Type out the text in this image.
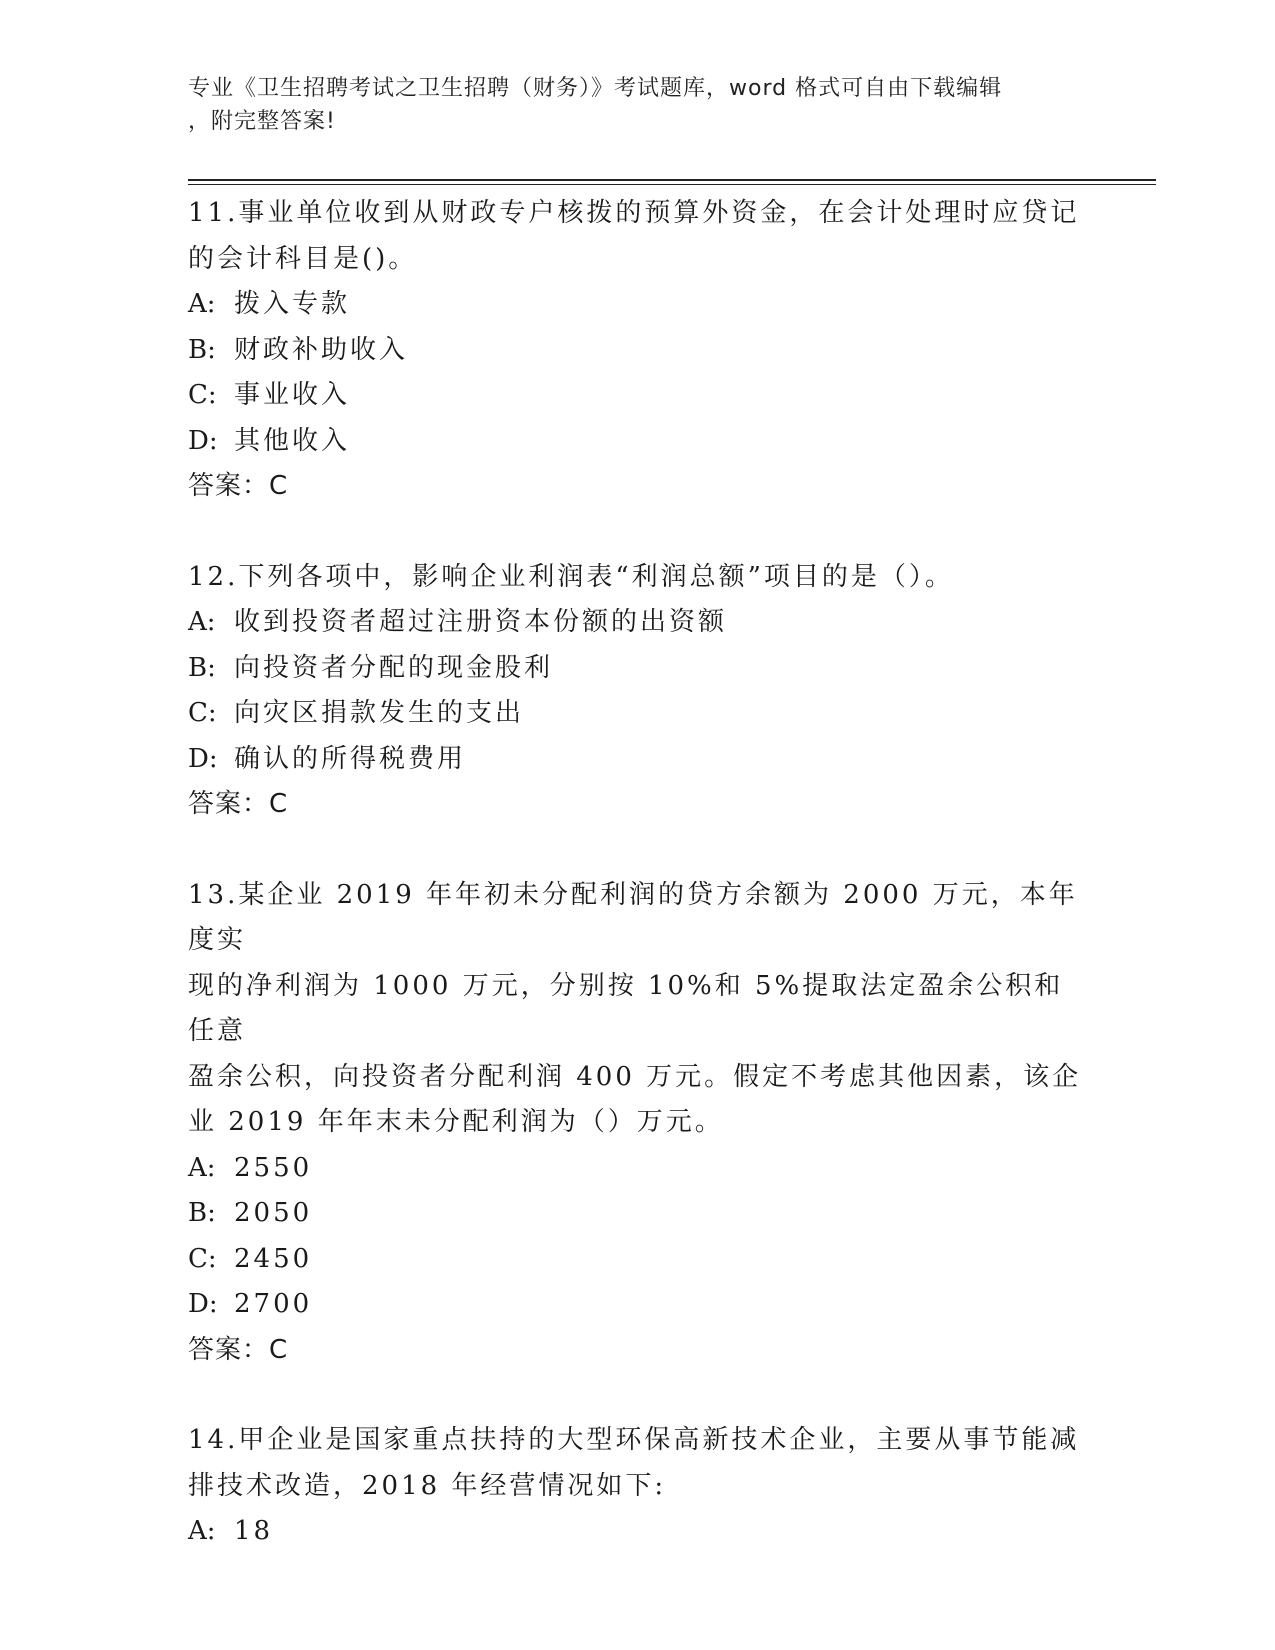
专业《卫生招聘考试之卫生招聘（财务）》考试题库，word 格式可自由下载编辑
，附完整答案!

11.事业单位收到从财政专户核拨的预算外资金，在会计处理时应贷记

的会计科目是()。

A: 拨入专款

B: 财政补助收入

C: 事业收入

D: 其他收入

答案：C

12.下列各项中，影响企业利润表“利润总额”项目的是（）。

A: 收到投资者超过注册资本份额的出资额

B: 向投资者分配的现金股利

C: 向灾区捐款发生的支出

D: 确认的所得税费用

答案：C

13.某企业 2019 年年初未分配利润的贷方余额为 2000 万元，本年度实

现的净利润为 1000 万元，分别按 10%和 5%提取法定盈余公积和任意

盈余公积，向投资者分配利润 400 万元。假定不考虑其他因素，该企

业 2019 年年末未分配利润为（）万元。

A: 2550

B: 2050

C: 2450

D: 2700

答案：C

14.甲企业是国家重点扶持的大型环保高新技术企业，主要从事节能减

排技术改造，2018 年经营情况如下:

A: 18
